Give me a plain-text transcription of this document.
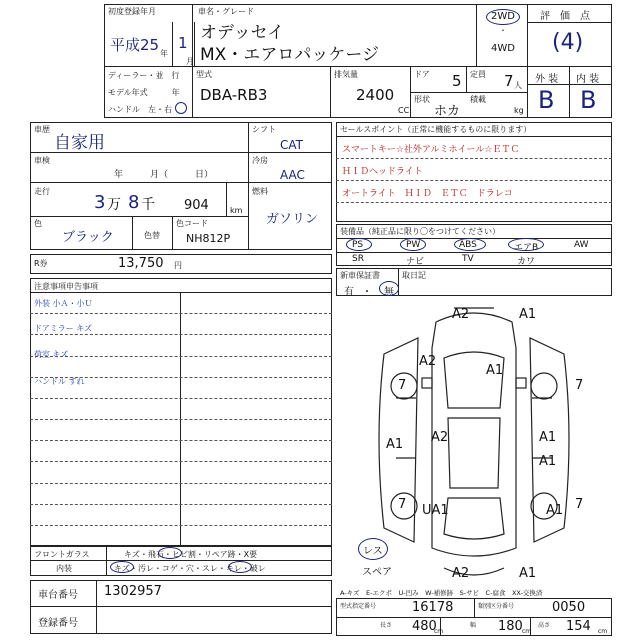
初度登録年月
平成25 年
1
月
車名・グレード
オデッセイ
MX・エアロパッケージ
2WD
・
4WD
評　価　点
(4)
ディーラー・並　行
モデル年式　　　年
ハンドル　左・右
型式
DBA-RB3
排気量
2400
CC
ドア 5 定員 7 人
形状
ホカ
積載
kg
外 装 内 装
B B
車歴
自家用
車検
年　　　月（　　　日）
走行
3 万 8 千 904	km
色
ブラック	色替
色コード
NH812P
シフト
CAT
冷房
AAC
燃料
ガソリン
R券	13,750 円
セールスポイント（正常に機能するものに限ります）
スマートキー☆社外アルミホイール☆ＥＴＣ
ＨＩＤヘッドライト
オートライト　ＨＩＤ　ＥＴＣ　ドラレコ
装備品（純正品に限り〇をつけてください）
PS	PW	ABS	エアB	AW
SR	ナビ	TV	カワ
新車保証書	取日記
有 ・ 無
注意事項申告事項
外装 小Ａ・小Ｕ
ドアミラー キズ
荷室 キズ
ハンドル すれ
A2	A1
A2
A1
7	7
A2	A1
A1
A1
7 UA1	A1 7
A2	A1
レス
スペア
フロントガラス	キズ・飛石・ヒビ割・リペア跡・X要
内装	キズ・汚レ・コゲ・穴・スレ・キレ・破レ
車台番号 1302957
登録番号
A-キズ　E-エクボ　U-凹み　W-補修跡　S-サビ　C-腐食　XX-交換済
型式指定番号	16178	類別区分番号	0050
長さ 480
cm
幅 180 cm
高さ 154 cm
